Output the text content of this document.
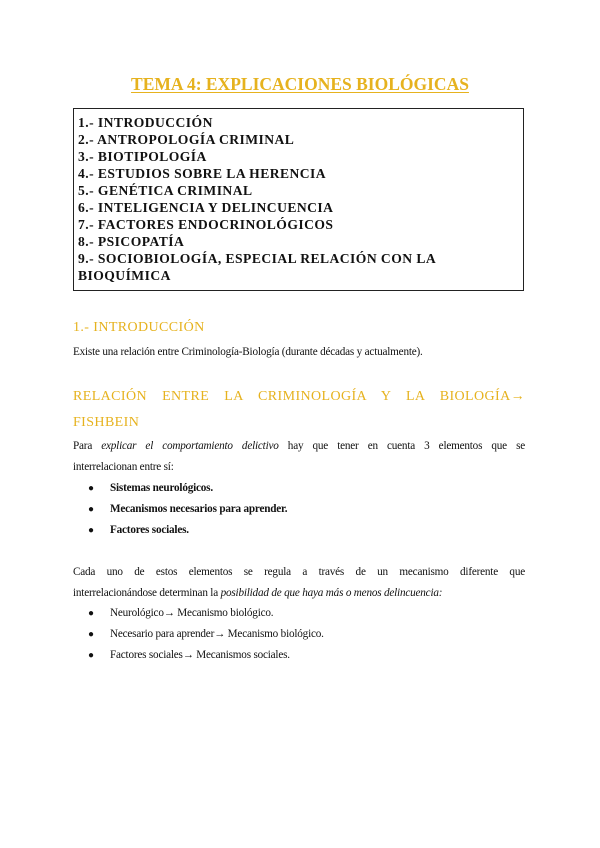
TEMA 4: EXPLICACIONES BIOLÓGICAS
1.- INTRODUCCIÓN
2.- ANTROPOLOGÍA CRIMINAL
3.- BIOTIPOLOGÍA
4.- ESTUDIOS SOBRE LA HERENCIA
5.- GENÉTICA CRIMINAL
6.- INTELIGENCIA Y DELINCUENCIA
7.- FACTORES ENDOCRINOLÓGICOS
8.- PSICOPATÍA
9.- SOCIOBIOLOGÍA, ESPECIAL RELACIÓN CON LA BIOQUÍMICA
1.- INTRODUCCIÓN
Existe una relación entre Criminología-Biología (durante décadas y actualmente).
RELACIÓN ENTRE LA CRIMINOLOGÍA Y LA BIOLOGÍA→
FISHBEIN
Para explicar el comportamiento delictivo hay que tener en cuenta 3 elementos que se
interrelacionan entre sí:
● Sistemas neurológicos.
● Mecanismos necesarios para aprender.
● Factores sociales.
Cada uno de estos elementos se regula a través de un mecanismo diferente que
interrelacionándose determinan la posibilidad de que haya más o menos delincuencia:
● Neurológico→ Mecanismo biológico.
● Necesario para aprender→ Mecanismo biológico.
● Factores sociales→ Mecanismos sociales.
